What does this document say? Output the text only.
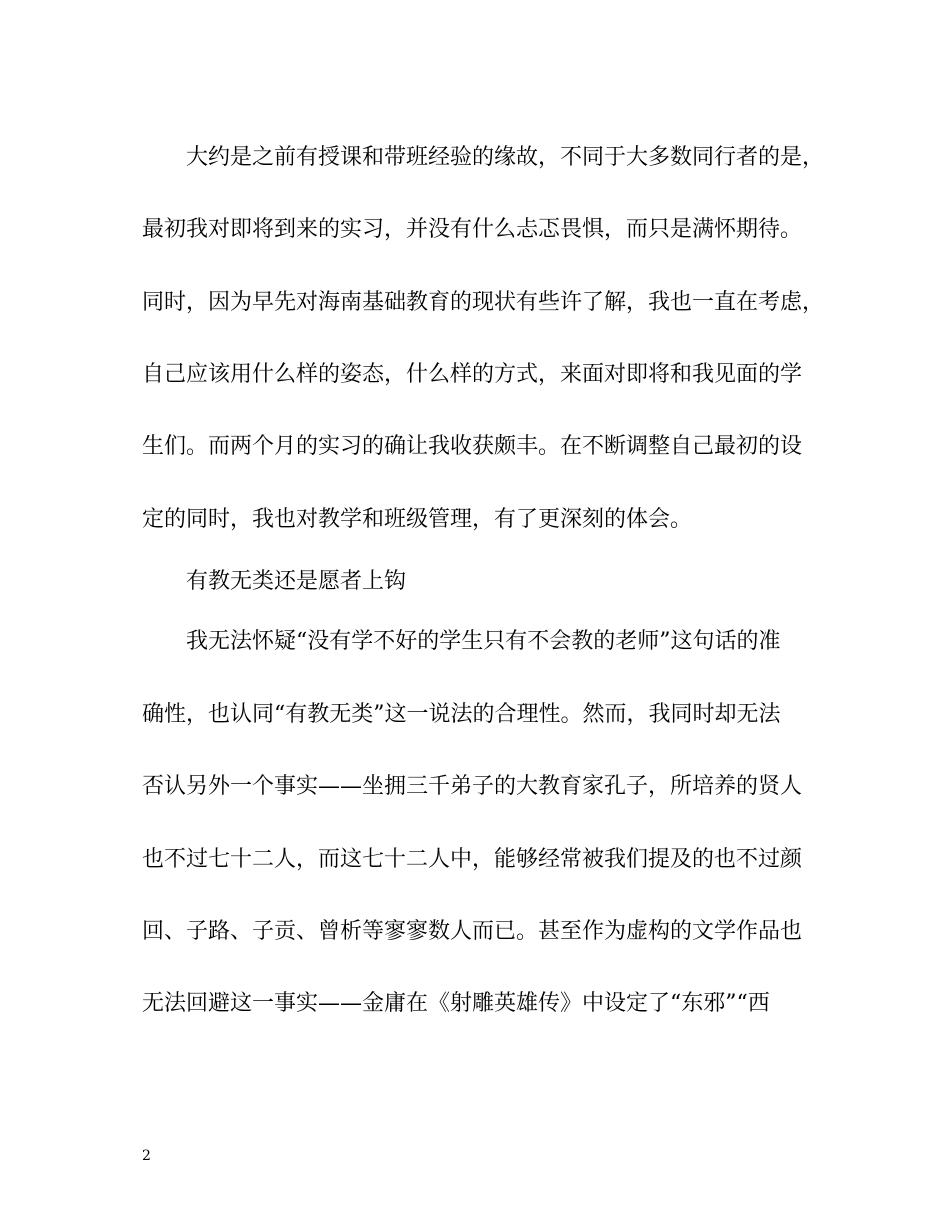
大约是之前有授课和带班经验的缘故，不同于大多数同行者的是，
最初我对即将到来的实习，并没有什么忐忑畏惧，而只是满怀期待。
同时，因为早先对海南基础教育的现状有些许了解，我也一直在考虑，
自己应该用什么样的姿态，什么样的方式，来面对即将和我见面的学
生们。而两个月的实习的确让我收获颇丰。在不断调整自己最初的设
定的同时，我也对教学和班级管理，有了更深刻的体会。
有教无类还是愿者上钩
我无法怀疑“没有学不好的学生只有不会教的老师”这句话的准
确性，也认同“有教无类”这一说法的合理性。然而，我同时却无法
否认另外一个事实——坐拥三千弟子的大教育家孔子，所培养的贤人
也不过七十二人，而这七十二人中，能够经常被我们提及的也不过颜
回、子路、子贡、曾析等寥寥数人而已。甚至作为虚构的文学作品也
无法回避这一事实——金庸在《射雕英雄传》中设定了“东邪”“西
2
